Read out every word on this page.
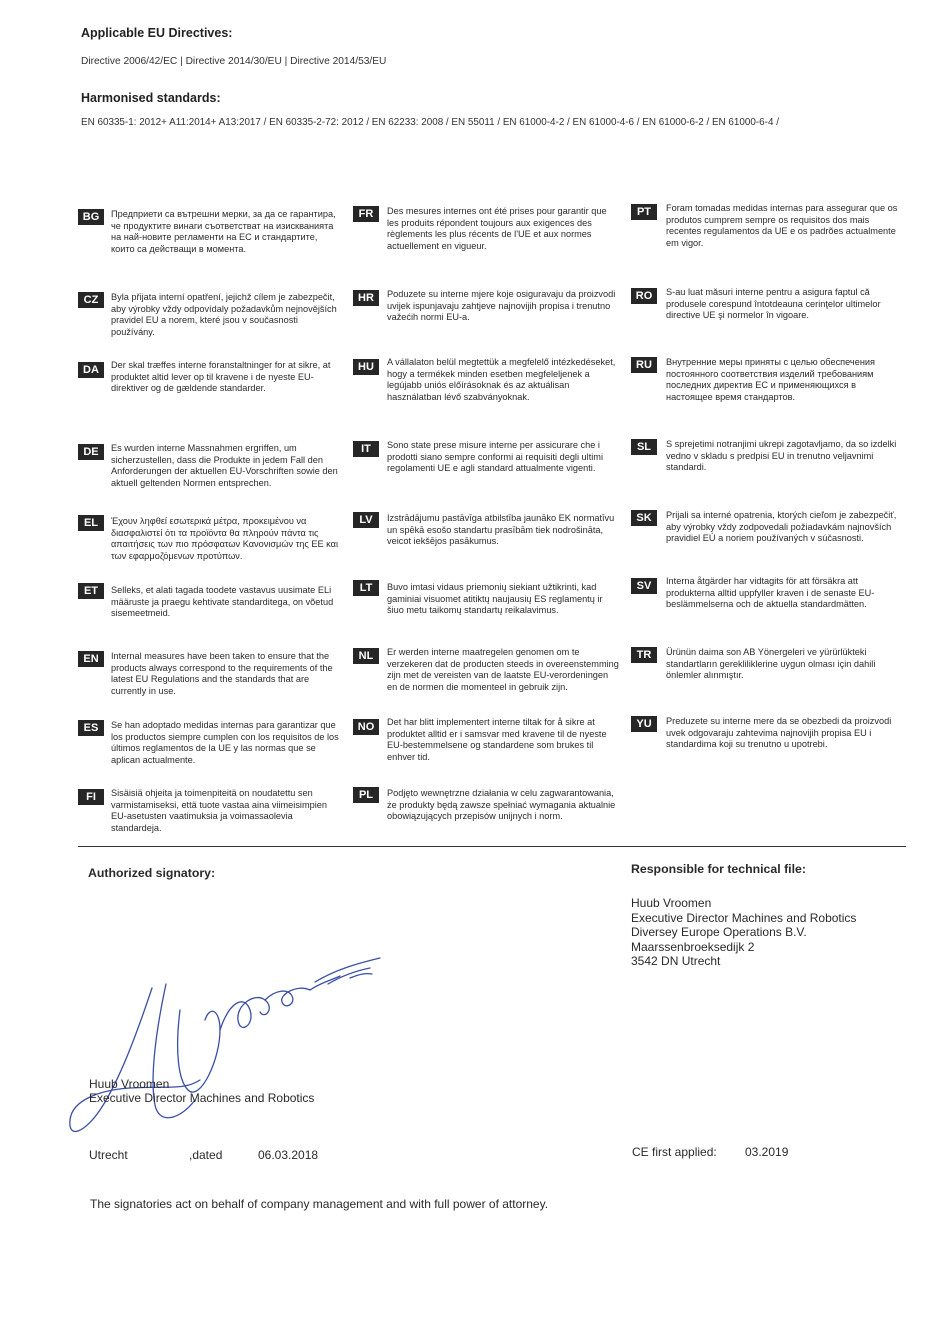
Applicable EU Directives:
Directive 2006/42/EC | Directive 2014/30/EU | Directive 2014/53/EU
Harmonised standards:
EN 60335-1: 2012+ A11:2014+ A13:2017 / EN 60335-2-72: 2012 / EN 62233: 2008 / EN 55011 / EN 61000-4-2 / EN 61000-4-6 / EN 61000-6-2 / EN 61000-6-4 /
BG	Предприети са вътрешни мерки, за да се гарантира, че продуктите винаги съответстват на изискванията на най-новите регламенти на ЕС и стандартите, които са действащи в момента.
CZ	Byla přijata interní opatření, jejichž cílem je zabezpečit, aby výrobky vždy odpovídaly požadavkům nejnovějších pravidel EU a norem, které jsou v současnosti používány.
DA	Der skal træffes interne foranstaltninger for at sikre, at produktet altid lever op til kravene i de nyeste EU-direktiver og de gældende standarder.
DE	Es wurden interne Massnahmen ergriffen, um sicherzustellen, dass die Produkte in jedem Fall den Anforderungen der aktuellen EU-Vorschriften sowie den aktuell geltenden Normen entsprechen.
EL	Έχουν ληφθεί εσωτερικά μέτρα, προκειμένου να διασφαλιστεί ότι τα προϊόντα θα πληρούν πάντα τις απαιτήσεις των πιο πρόσφατων Κανονισμών της ΕΕ και των εφαρμοζόμενων προτύπων.
ET	Selleks, et alati tagada toodete vastavus uusimate ELi määruste ja praegu kehtivate standarditega, on võetud sisemeetmeid.
EN	Internal measures have been taken to ensure that the products always correspond to the requirements of the latest EU Regulations and the standards that are currently in use.
ES	Se han adoptado medidas internas para garantizar que los productos siempre cumplen con los requisitos de los últimos reglamentos de la UE y las normas que se aplican actualmente.
FI	Sisäisiä ohjeita ja toimenpiteitä on noudatettu sen varmistamiseksi, että tuote vastaa aina viimeisimpien EU-asetusten vaatimuksia ja voimassaolevia standardeja.
FR	Des mesures internes ont été prises pour garantir que les produits répondent toujours aux exigences des règlements les plus récents de l'UE et aux normes actuellement en vigueur.
HR	Poduzete su interne mjere koje osiguravaju da proizvodi uvijek ispunjavaju zahtjeve najnovijih propisa i trenutno važećih normi EU-a.
HU	A vállalaton belül megtettük a megfelelő intézkedéseket, hogy a termékek minden esetben megfeleljenek a legújabb uniós előírásoknak és az aktuálisan használatban lévő szabványoknak.
IT	Sono state prese misure interne per assicurare che i prodotti siano sempre conformi ai requisiti degli ultimi regolamenti UE e agli standard attualmente vigenti.
LV	Izstrādājumu pastāvīga atbilstība jaunāko EK normatīvu un spēkā esošo standartu prasībām tiek nodrošināta, veicot iekšējos pasākumus.
LT	Buvo imtasi vidaus priemonių siekiant užtikrinti, kad gaminiai visuomet atitiktų naujausių ES reglamentų ir šiuo metu taikomų standartų reikalavimus.
NL	Er werden interne maatregelen genomen om te verzekeren dat de producten steeds in overeenstemming zijn met de vereisten van de laatste EU-verordeningen en de normen die momenteel in gebruik zijn.
NO	Det har blitt implementert interne tiltak for å sikre at produktet alltid er i samsvar med kravene til de nyeste EU-bestemmelsene og standardene som brukes til enhver tid.
PL	Podjęto wewnętrzne działania w celu zagwarantowania, że produkty będą zawsze spełniać wymagania aktualnie obowiązujących przepisów unijnych i norm.
PT	Foram tomadas medidas internas para assegurar que os produtos cumprem sempre os requisitos dos mais recentes regulamentos da UE e os padrões actualmente em vigor.
RO	S-au luat măsuri interne pentru a asigura faptul că produsele corespund întotdeauna cerinţelor ultimelor directive UE şi normelor în vigoare.
RU	Внутренние меры приняты с целью обеспечения постоянного соответствия изделий требованиям последних директив ЕС и применяющихся в настоящее время стандартов.
SL	S sprejetimi notranjimi ukrepi zagotavljamo, da so izdelki vedno v skladu s predpisi EU in trenutno veljavnimi standardi.
SK	Prijali sa interné opatrenia, ktorých cieľom je zabezpečiť, aby výrobky vždy zodpovedali požiadavkám najnovších pravidiel EÚ a noriem používaných v súčasnosti.
SV	Interna åtgärder har vidtagits för att försäkra att produkterna alltid uppfyller kraven i de senaste EU-beslämmelserna och de aktuella standardmätten.
TR	Ürünün daima son AB Yönergeleri ve yürürlükteki standartların gerekliliklerine uygun olması için dahili önlemler alınmıştır.
YU	Preduzete su interne mere da se obezbedi da proizvodi uvek odgovaraju zahtevima najnovijih propisa EU i standardima koji su trenutno u upotrebi.
Authorized signatory:
Huub Vroomen
Executive Director Machines and Robotics
Utrecht	,dated	06.03.2018
Responsible for technical file:
Huub Vroomen
Executive Director Machines and Robotics
Diversey Europe Operations B.V.
Maarssenbroeksedijk 2
3542 DN Utrecht
CE first applied: 03.2019
The signatories act on behalf of company management and with full power of attorney.
